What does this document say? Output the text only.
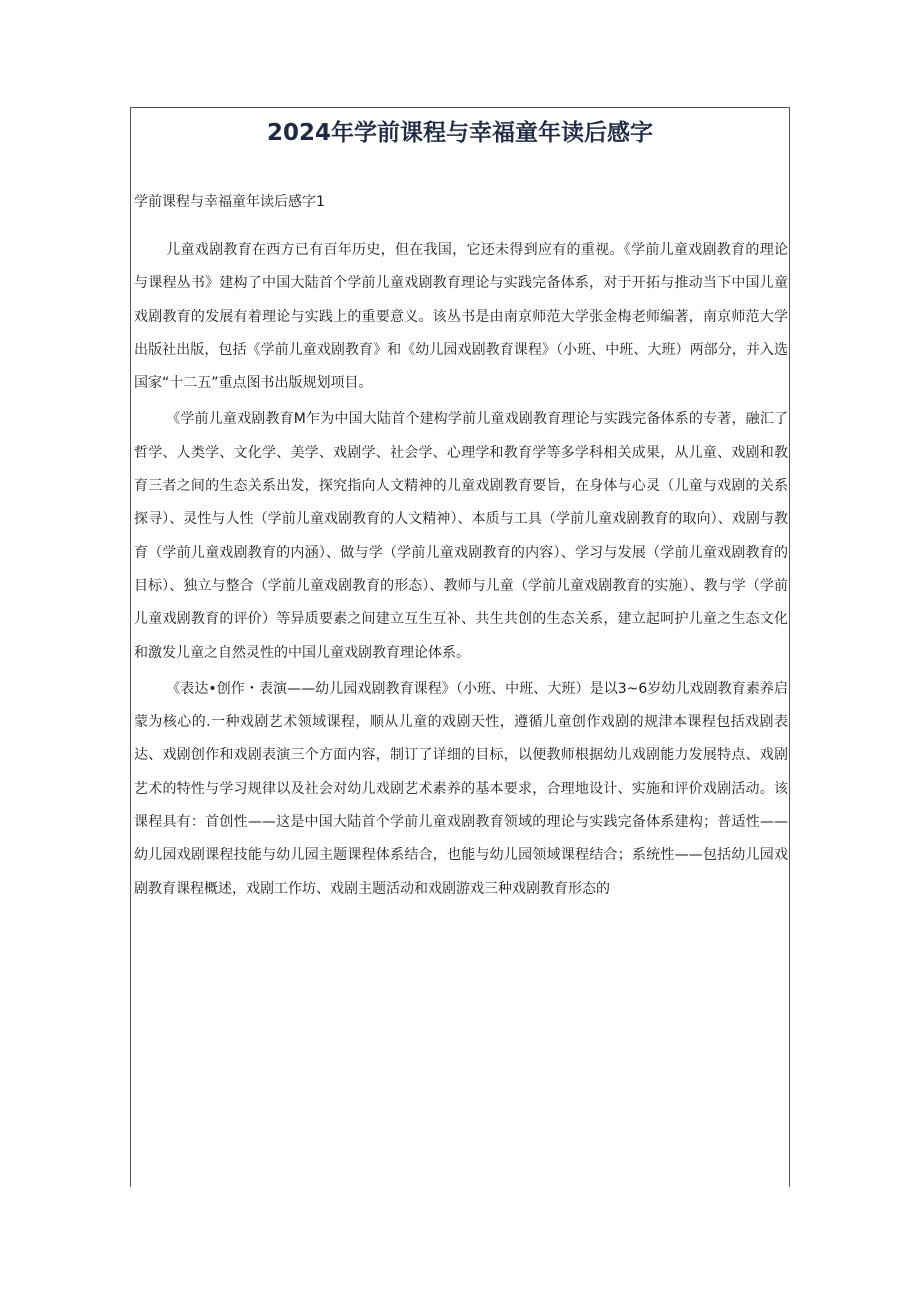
2024年学前课程与幸福童年读后感字

学前课程与幸福童年读后感字1

儿童戏剧教育在西方已有百年历史，但在我国，它还未得到应有的重视。《学前儿童戏剧教育的理论与课程丛书》建构了中国大陆首个学前儿童戏剧教育理论与实践完备体系，对于开拓与推动当下中国儿童戏剧教育的发展有着理论与实践上的重要意义。该丛书是由南京师范大学张金梅老师编著，南京师范大学出版社出版，包括《学前儿童戏剧教育》和《幼儿园戏剧教育课程》（小班、中班、大班）两部分，并入选国家“十二五”重点图书出版规划项目。

《学前儿童戏剧教育M乍为中国大陆首个建构学前儿童戏剧教育理论与实践完备体系的专著，融汇了哲学、人类学、文化学、美学、戏剧学、社会学、心理学和教育学等多学科相关成果，从儿童、戏剧和教育三者之间的生态关系出发，探究指向人文精神的儿童戏剧教育要旨，在身体与心灵（儿童与戏剧的关系探寻）、灵性与人性（学前儿童戏剧教育的人文精神）、本质与工具（学前儿童戏剧教育的取向）、戏剧与教育（学前儿童戏剧教育的内涵）、做与学（学前儿童戏剧教育的内容）、学习与发展（学前儿童戏剧教育的目标）、独立与整合（学前儿童戏剧教育的形态）、教师与儿童（学前儿童戏剧教育的实施）、教与学（学前儿童戏剧教育的评价）等异质要素之间建立互生互补、共生共创的生态关系，建立起呵护儿童之生态文化和激发儿童之自然灵性的中国儿童戏剧教育理论体系。

《表达•创作・表演——幼儿园戏剧教育课程》（小班、中班、大班）是以3~6岁幼儿戏剧教育素养启蒙为核心的.一种戏剧艺术领域课程，顺从儿童的戏剧天性，遵循儿童创作戏剧的规津本课程包括戏剧表达、戏剧创作和戏剧表演三个方面内容，制订了详细的目标，以便教师根据幼儿戏剧能力发展特点、戏剧艺术的特性与学习规律以及社会对幼儿戏剧艺术素养的基本要求，合理地设计、实施和评价戏剧活动。该课程具有：首创性——这是中国大陆首个学前儿童戏剧教育领域的理论与实践完备体系建构；普适性——幼儿园戏剧课程技能与幼儿园主题课程体系结合，也能与幼儿园领域课程结合；系统性——包括幼儿园戏剧教育课程概述，戏剧工作坊、戏剧主题活动和戏剧游戏三种戏剧教育形态的
